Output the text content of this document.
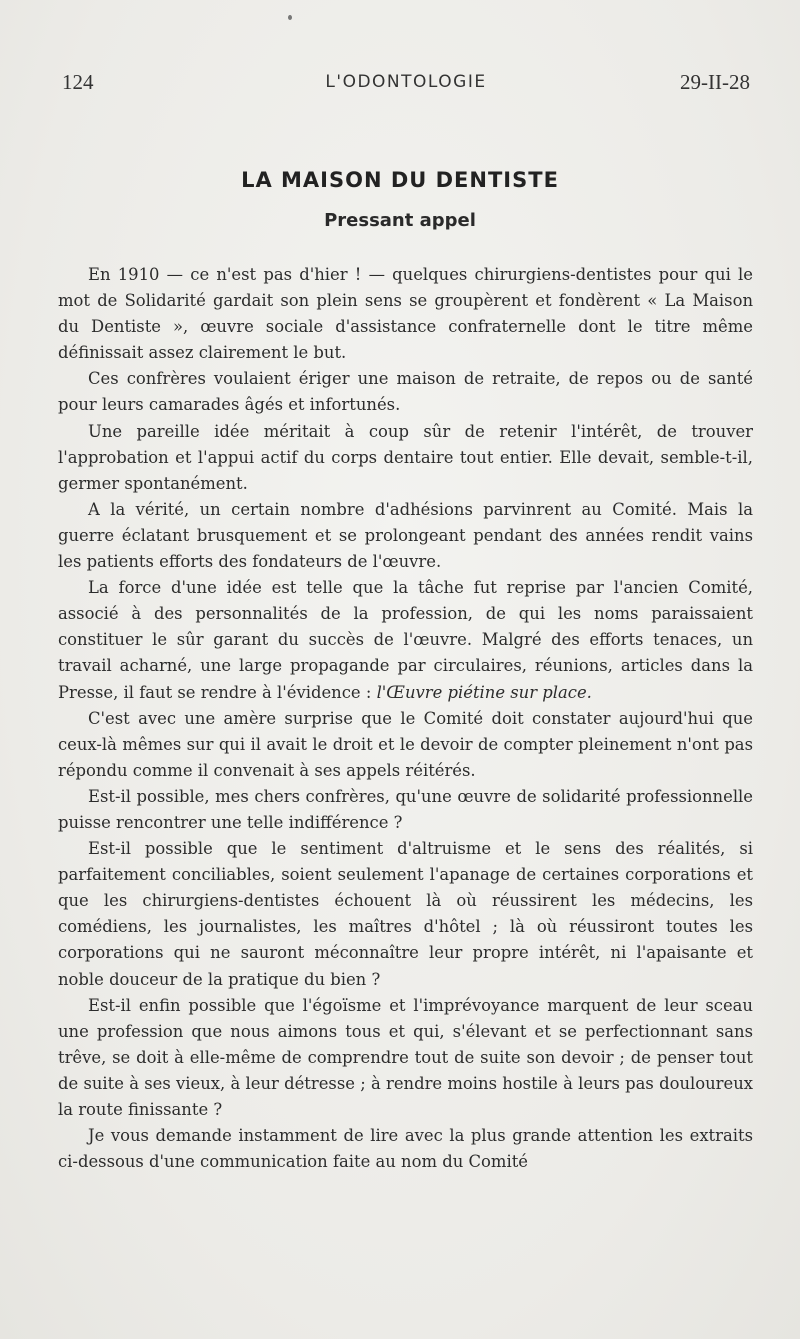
124	L'ODONTOLOGIE	29-II-28
LA MAISON DU DENTISTE
Pressant appel

En 1910 — ce n'est pas d'hier ! — quelques chirurgiens-dentistes pour qui le mot de Solidarité gardait son plein sens se groupèrent et fondèrent « La Maison du Dentiste », œuvre sociale d'assistance confraternelle dont le titre même définissait assez clairement le but.

Ces confrères voulaient ériger une maison de retraite, de repos ou de santé pour leurs camarades âgés et infortunés.

Une pareille idée méritait à coup sûr de retenir l'intérêt, de trouver l'approbation et l'appui actif du corps dentaire tout entier. Elle devait, semble-t-il, germer spontanément.

A la vérité, un certain nombre d'adhésions parvinrent au Comité. Mais la guerre éclatant brusquement et se prolongeant pendant des années rendit vains les patients efforts des fondateurs de l'œuvre.

La force d'une idée est telle que la tâche fut reprise par l'ancien Comité, associé à des personnalités de la profession, de qui les noms paraissaient constituer le sûr garant du succès de l'œuvre. Malgré des efforts tenaces, un travail acharné, une large propagande par circulaires, réunions, articles dans la Presse, il faut se rendre à l'évidence : l'Œuvre piétine sur place.

C'est avec une amère surprise que le Comité doit constater aujourd'hui que ceux-là mêmes sur qui il avait le droit et le devoir de compter pleinement n'ont pas répondu comme il convenait à ses appels réitérés.

Est-il possible, mes chers confrères, qu'une œuvre de solidarité professionnelle puisse rencontrer une telle indifférence ?

Est-il possible que le sentiment d'altruisme et le sens des réalités, si parfaitement conciliables, soient seulement l'apanage de certaines corporations et que les chirurgiens-dentistes échouent là où réussirent les médecins, les comédiens, les journalistes, les maîtres d'hôtel ; là où réussiront toutes les corporations qui ne sauront méconnaître leur propre intérêt, ni l'apaisante et noble douceur de la pratique du bien ?

Est-il enfin possible que l'égoïsme et l'imprévoyance marquent de leur sceau une profession que nous aimons tous et qui, s'élevant et se perfectionnant sans trêve, se doit à elle-même de comprendre tout de suite son devoir ; de penser tout de suite à ses vieux, à leur détresse ; à rendre moins hostile à leurs pas douloureux la route finissante ?

Je vous demande instamment de lire avec la plus grande attention les extraits ci-dessous d'une communication faite au nom du Comité
